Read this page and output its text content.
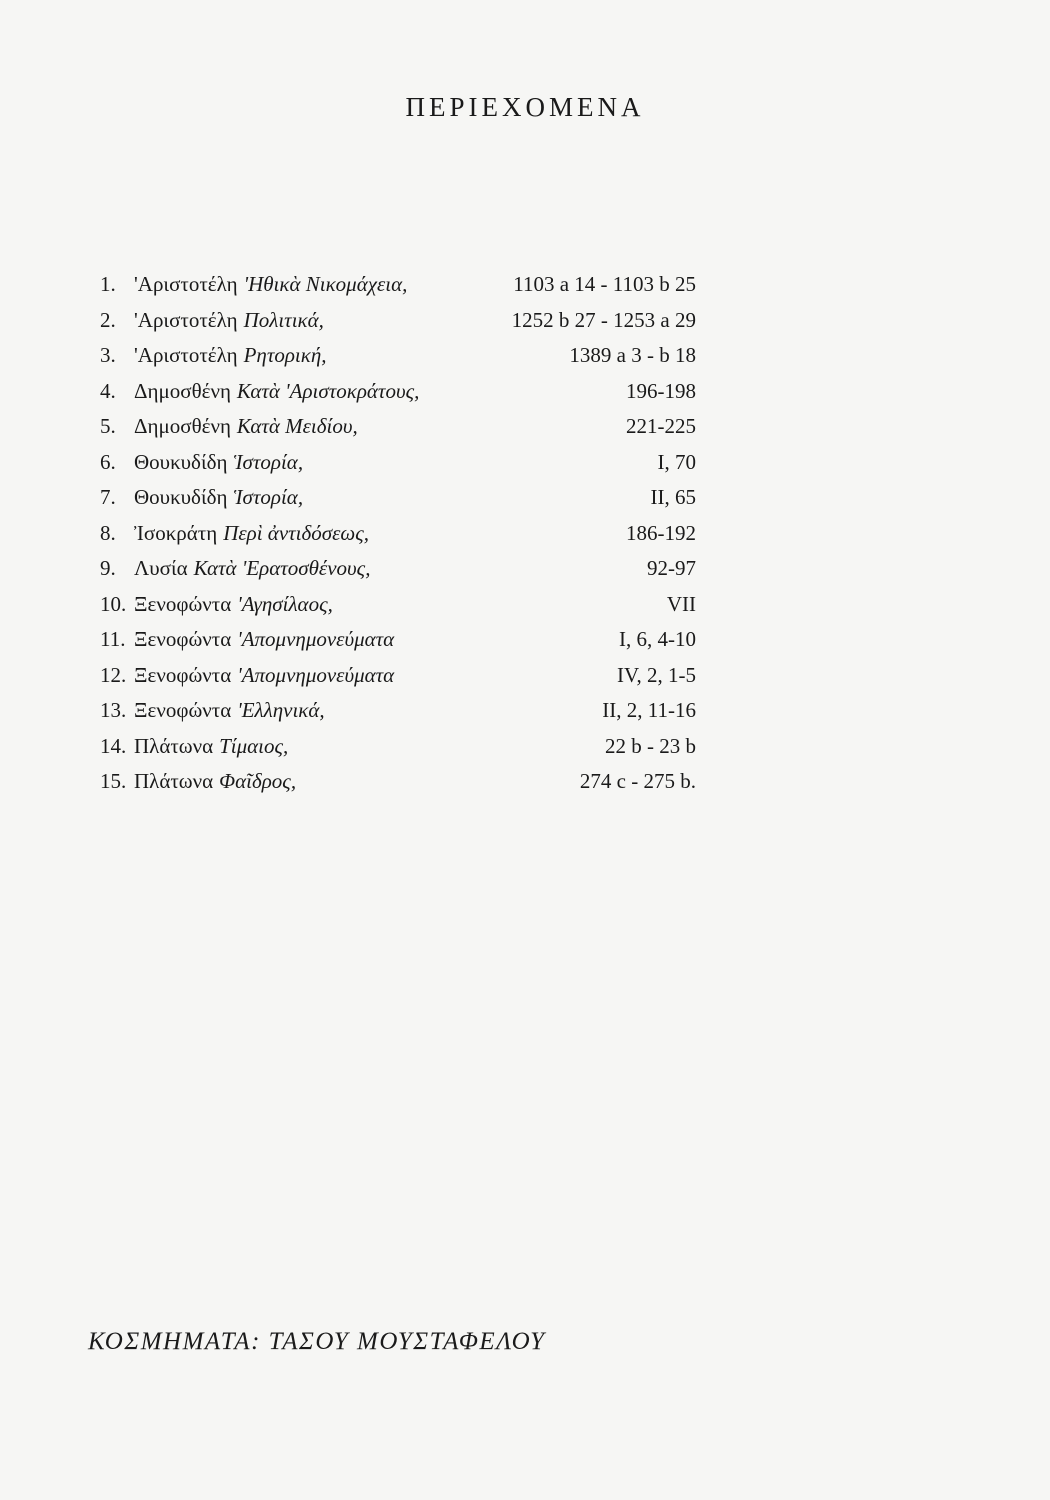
ΠΕΡΙΕΧΟΜΕΝΑ
1. 'Αριστοτέλη 'Ηθικὰ Νικομάχεια,	1103 a 14 - 1103 b 25
2. 'Αριστοτέλη Πολιτικά,	1252 b 27 - 1253 a 29
3. 'Αριστοτέλη Ρητορική,	1389 a 3 - b 18
4. Δημοσθένη Κατὰ 'Αριστοκράτους,	196-198
5. Δημοσθένη Κατὰ Μειδίου,	221-225
6. Θουκυδίδη Ἱστορία,	I, 70
7. Θουκυδίδη Ἱστορία,	II, 65
8. Ἰσοκράτη Περὶ ἀντιδόσεως,	186-192
9. Λυσία Κατὰ 'Ερατοσθένους,	92-97
10. Ξενοφώντα 'Αγησίλαος,	VII
11. Ξενοφώντα 'Απομνημονεύματα	I, 6, 4-10
12. Ξενοφώντα 'Απομνημονεύματα	IV, 2, 1-5
13. Ξενοφώντα 'Ελληνικά,	II, 2, 11-16
14. Πλάτωνα Τίμαιος,	22 b - 23 b
15. Πλάτωνα Φαῖδρος,	274 c - 275 b.
ΚΟΣΜΗΜΑΤΑ: ΤΑΣΟΥ ΜΟΥΣΤΑΦΕΛΟΥ
